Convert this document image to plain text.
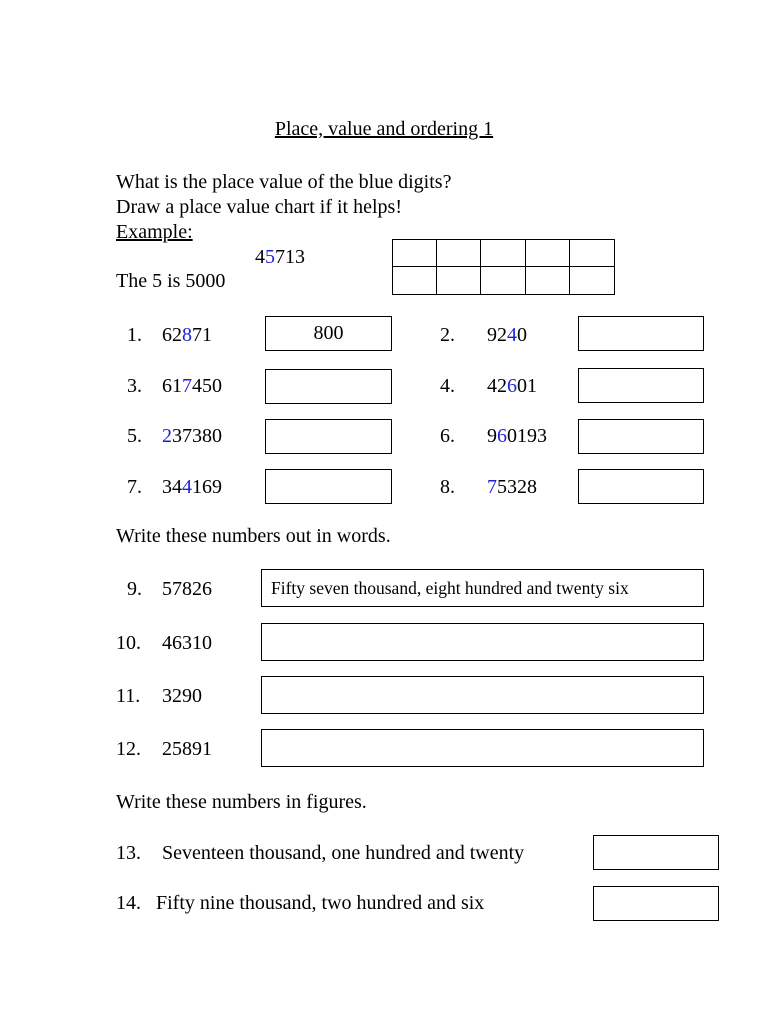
Place, value and ordering 1
What is the place value of the blue digits?
Draw a place value chart if it helps!
Example:
45713
The 5 is 5000
1. 62871	800
3. 617450
5. 237380
7. 344169
2. 9240
4. 42601
6. 960193
8. 75328
Write these numbers out in words.
9. 57826	Fifty seven thousand, eight hundred and twenty six
10. 46310
11. 3290
12. 25891
Write these numbers in figures.
13. Seventeen thousand, one hundred and twenty
14. Fifty nine thousand, two hundred and six
